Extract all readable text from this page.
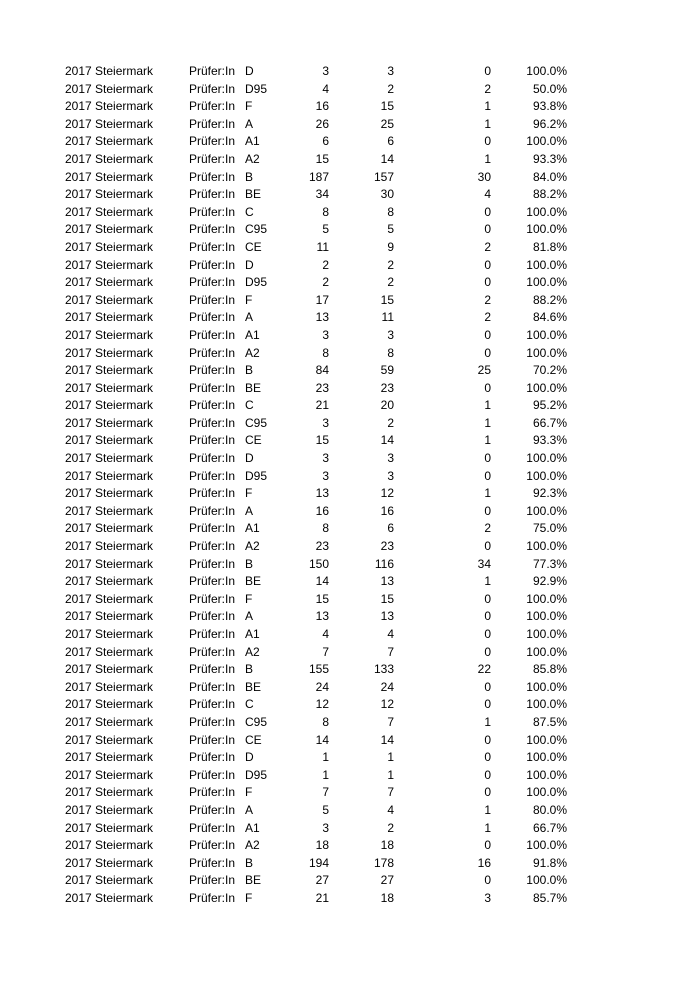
2017 Steiermark	Prüfer:In D	3	3	0	100.0%
2017 Steiermark	Prüfer:In D95	4	2	2	50.0%
2017 Steiermark	Prüfer:In F	16	15	1	93.8%
2017 Steiermark	Prüfer:In A	26	25	1	96.2%
2017 Steiermark	Prüfer:In A1	6	6	0	100.0%
2017 Steiermark	Prüfer:In A2	15	14	1	93.3%
2017 Steiermark	Prüfer:In B	187	157	30	84.0%
2017 Steiermark	Prüfer:In BE	34	30	4	88.2%
2017 Steiermark	Prüfer:In C	8	8	0	100.0%
2017 Steiermark	Prüfer:In C95	5	5	0	100.0%
2017 Steiermark	Prüfer:In CE	11	9	2	81.8%
2017 Steiermark	Prüfer:In D	2	2	0	100.0%
2017 Steiermark	Prüfer:In D95	2	2	0	100.0%
2017 Steiermark	Prüfer:In F	17	15	2	88.2%
2017 Steiermark	Prüfer:In A	13	11	2	84.6%
2017 Steiermark	Prüfer:In A1	3	3	0	100.0%
2017 Steiermark	Prüfer:In A2	8	8	0	100.0%
2017 Steiermark	Prüfer:In B	84	59	25	70.2%
2017 Steiermark	Prüfer:In BE	23	23	0	100.0%
2017 Steiermark	Prüfer:In C	21	20	1	95.2%
2017 Steiermark	Prüfer:In C95	3	2	1	66.7%
2017 Steiermark	Prüfer:In CE	15	14	1	93.3%
2017 Steiermark	Prüfer:In D	3	3	0	100.0%
2017 Steiermark	Prüfer:In D95	3	3	0	100.0%
2017 Steiermark	Prüfer:In F	13	12	1	92.3%
2017 Steiermark	Prüfer:In A	16	16	0	100.0%
2017 Steiermark	Prüfer:In A1	8	6	2	75.0%
2017 Steiermark	Prüfer:In A2	23	23	0	100.0%
2017 Steiermark	Prüfer:In B	150	116	34	77.3%
2017 Steiermark	Prüfer:In BE	14	13	1	92.9%
2017 Steiermark	Prüfer:In F	15	15	0	100.0%
2017 Steiermark	Prüfer:In A	13	13	0	100.0%
2017 Steiermark	Prüfer:In A1	4	4	0	100.0%
2017 Steiermark	Prüfer:In A2	7	7	0	100.0%
2017 Steiermark	Prüfer:In B	155	133	22	85.8%
2017 Steiermark	Prüfer:In BE	24	24	0	100.0%
2017 Steiermark	Prüfer:In C	12	12	0	100.0%
2017 Steiermark	Prüfer:In C95	8	7	1	87.5%
2017 Steiermark	Prüfer:In CE	14	14	0	100.0%
2017 Steiermark	Prüfer:In D	1	1	0	100.0%
2017 Steiermark	Prüfer:In D95	1	1	0	100.0%
2017 Steiermark	Prüfer:In F	7	7	0	100.0%
2017 Steiermark	Prüfer:In A	5	4	1	80.0%
2017 Steiermark	Prüfer:In A1	3	2	1	66.7%
2017 Steiermark	Prüfer:In A2	18	18	0	100.0%
2017 Steiermark	Prüfer:In B	194	178	16	91.8%
2017 Steiermark	Prüfer:In BE	27	27	0	100.0%
2017 Steiermark	Prüfer:In F	21	18	3	85.7%
